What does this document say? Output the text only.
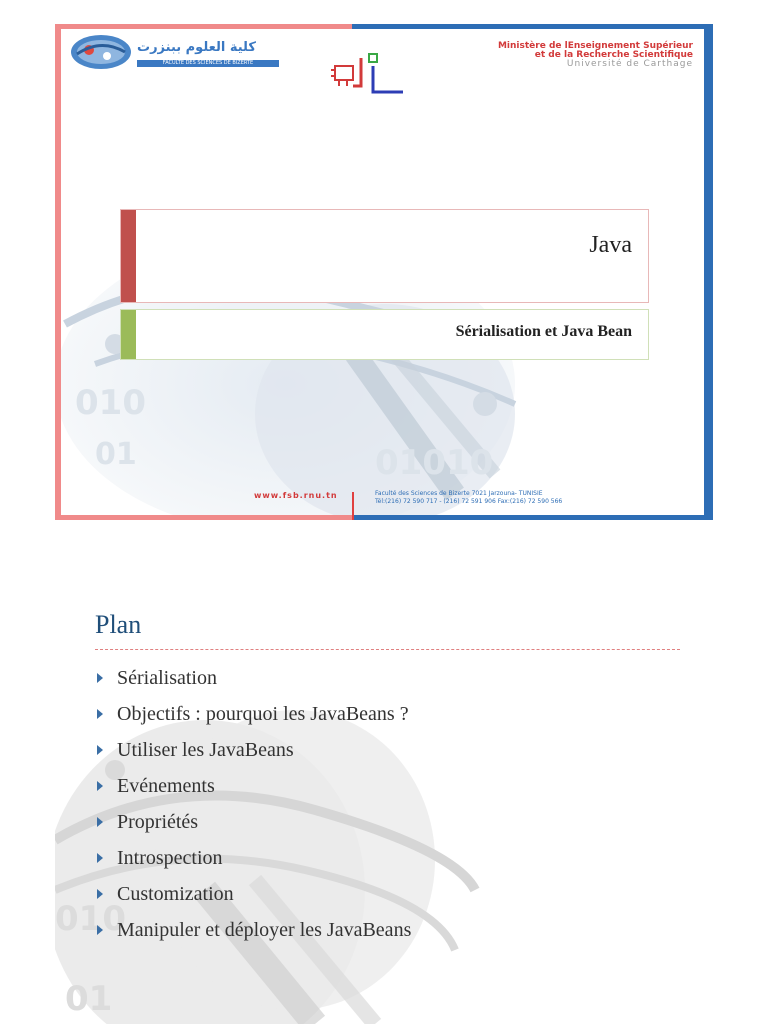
010
01010
01
كلية العلوم ببنزرت
FACULTE DES SCIENCES DE BIZERTE
Ministère de lEnseignement Supérieur
et de la Recherche Scientifique
Université de Carthage
Java
Sérialisation et Java Bean
www.fsb.rnu.tn	Faculté des Sciences de Bizerte 7021 Jarzouna- TUNISIE
Tél:(216) 72 590 717 - (216) 72 591 906 Fax:(216) 72 590 566
010
01
Plan
Sérialisation
Objectifs : pourquoi les JavaBeans ?
Utiliser les JavaBeans
Evénements
Propriétés
Introspection
Customization
Manipuler et déployer les JavaBeans
